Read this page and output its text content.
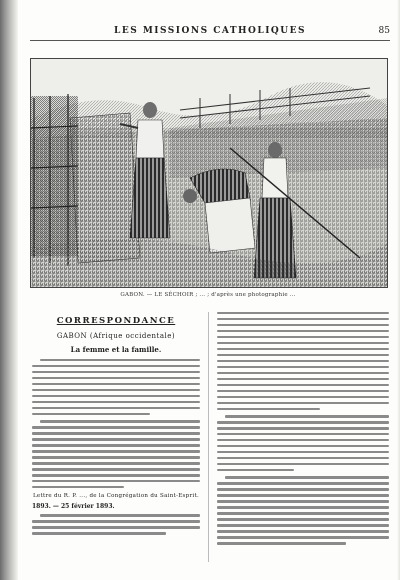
LES MISSIONS CATHOLIQUES	85
GABON. — LE SÉCHOIR ; ... ; d'après une photographie ...
CORRESPONDANCE
GABON (Afrique occidentale)
La femme et la famille.
Lettre du R. P. ..., de la Congrégation du Saint-Esprit.
1893. — 25 février 1893.
